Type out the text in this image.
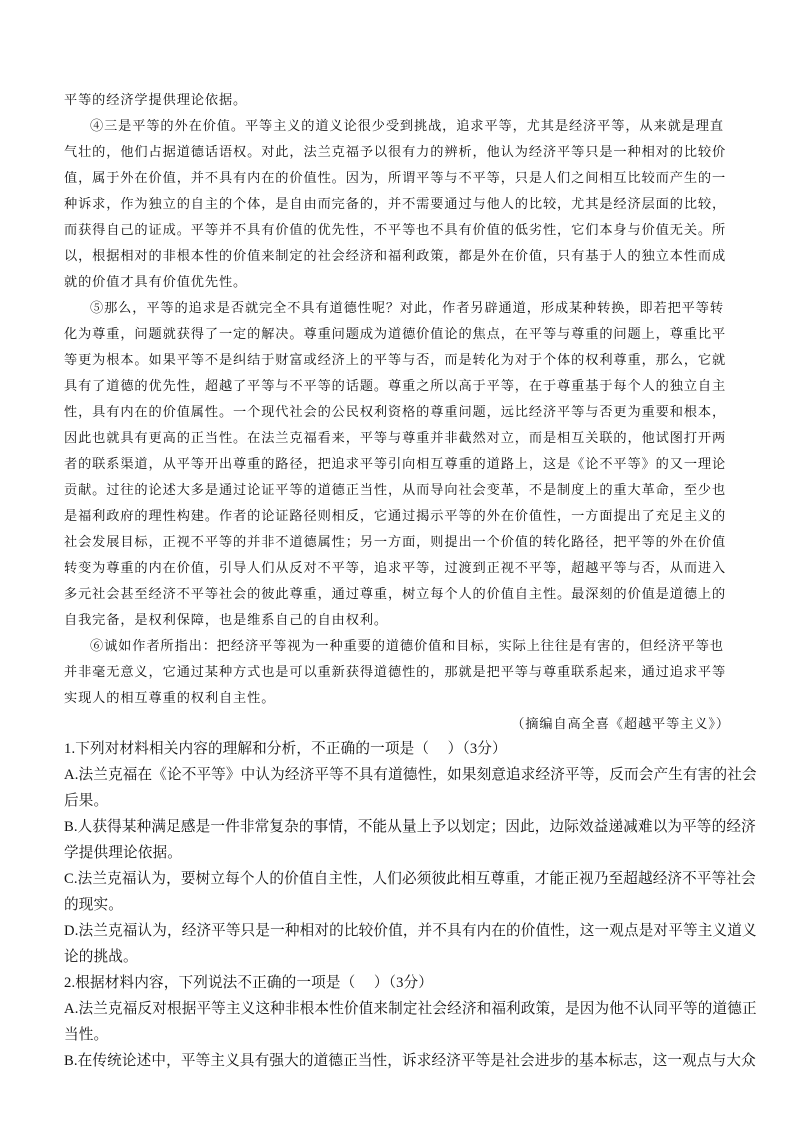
平等的经济学提供理论依据。
④三是平等的外在价值。平等主义的道义论很少受到挑战，追求平等，尤其是经济平等，从来就是理直
气壮的，他们占据道德话语权。对此，法兰克福予以很有力的辨析，他认为经济平等只是一种相对的比较价
值，属于外在价值，并不具有内在的价值性。因为，所谓平等与不平等，只是人们之间相互比较而产生的一
种诉求，作为独立的自主的个体，是自由而完备的，并不需要通过与他人的比较，尤其是经济层面的比较，
而获得自己的证成。平等并不具有价值的优先性，不平等也不具有价值的低劣性，它们本身与价值无关。所
以，根据相对的非根本性的价值来制定的社会经济和福利政策，都是外在价值，只有基于人的独立本性而成
就的价值才具有价值优先性。
⑤那么，平等的追求是否就完全不具有道德性呢？对此，作者另辟通道，形成某种转换，即若把平等转
化为尊重，问题就获得了一定的解决。尊重问题成为道德价值论的焦点，在平等与尊重的问题上，尊重比平
等更为根本。如果平等不是纠结于财富或经济上的平等与否，而是转化为对于个体的权利尊重，那么，它就
具有了道德的优先性，超越了平等与不平等的话题。尊重之所以高于平等，在于尊重基于每个人的独立自主
性，具有内在的价值属性。一个现代社会的公民权利资格的尊重问题，远比经济平等与否更为重要和根本，
因此也就具有更高的正当性。在法兰克福看来，平等与尊重并非截然对立，而是相互关联的，他试图打开两
者的联系渠道，从平等开出尊重的路径，把追求平等引向相互尊重的道路上，这是《论不平等》的又一理论
贡献。过往的论述大多是通过论证平等的道德正当性，从而导向社会变革，不是制度上的重大革命，至少也
是福利政府的理性构建。作者的论证路径则相反，它通过揭示平等的外在价值性，一方面提出了充足主义的
社会发展目标，正视不平等的并非不道德属性；另一方面，则提出一个价值的转化路径，把平等的外在价值
转变为尊重的内在价值，引导人们从反对不平等，追求平等，过渡到正视不平等，超越平等与否，从而进入
多元社会甚至经济不平等社会的彼此尊重，通过尊重，树立每个人的价值自主性。最深刻的价值是道德上的
自我完备，是权利保障，也是维系自己的自由权利。
⑥诚如作者所指出：把经济平等视为一种重要的道德价值和目标，实际上往往是有害的，但经济平等也
并非毫无意义，它通过某种方式也是可以重新获得道德性的，那就是把平等与尊重联系起来，通过追求平等
实现人的相互尊重的权利自主性。
（摘编自高全喜《超越平等主义》）
1.下列对材料相关内容的理解和分析，不正确的一项是（　 ）（3分）
A.法兰克福在《论不平等》中认为经济平等不具有道德性，如果刻意追求经济平等，反而会产生有害的社会
后果。
B.人获得某种满足感是一件非常复杂的事情，不能从量上予以划定；因此，边际效益递减难以为平等的经济
学提供理论依据。
C.法兰克福认为，要树立每个人的价值自主性，人们必须彼此相互尊重，才能正视乃至超越经济不平等社会
的现实。
D.法兰克福认为，经济平等只是一种相对的比较价值，并不具有内在的价值性，这一观点是对平等主义道义
论的挑战。
2.根据材料内容，下列说法不正确的一项是（　 ）（3分）
A.法兰克福反对根据平等主义这种非根本性价值来制定社会经济和福利政策，是因为他不认同平等的道德正
当性。
B.在传统论述中，平等主义具有强大的道德正当性，诉求经济平等是社会进步的基本标志，这一观点与大众
